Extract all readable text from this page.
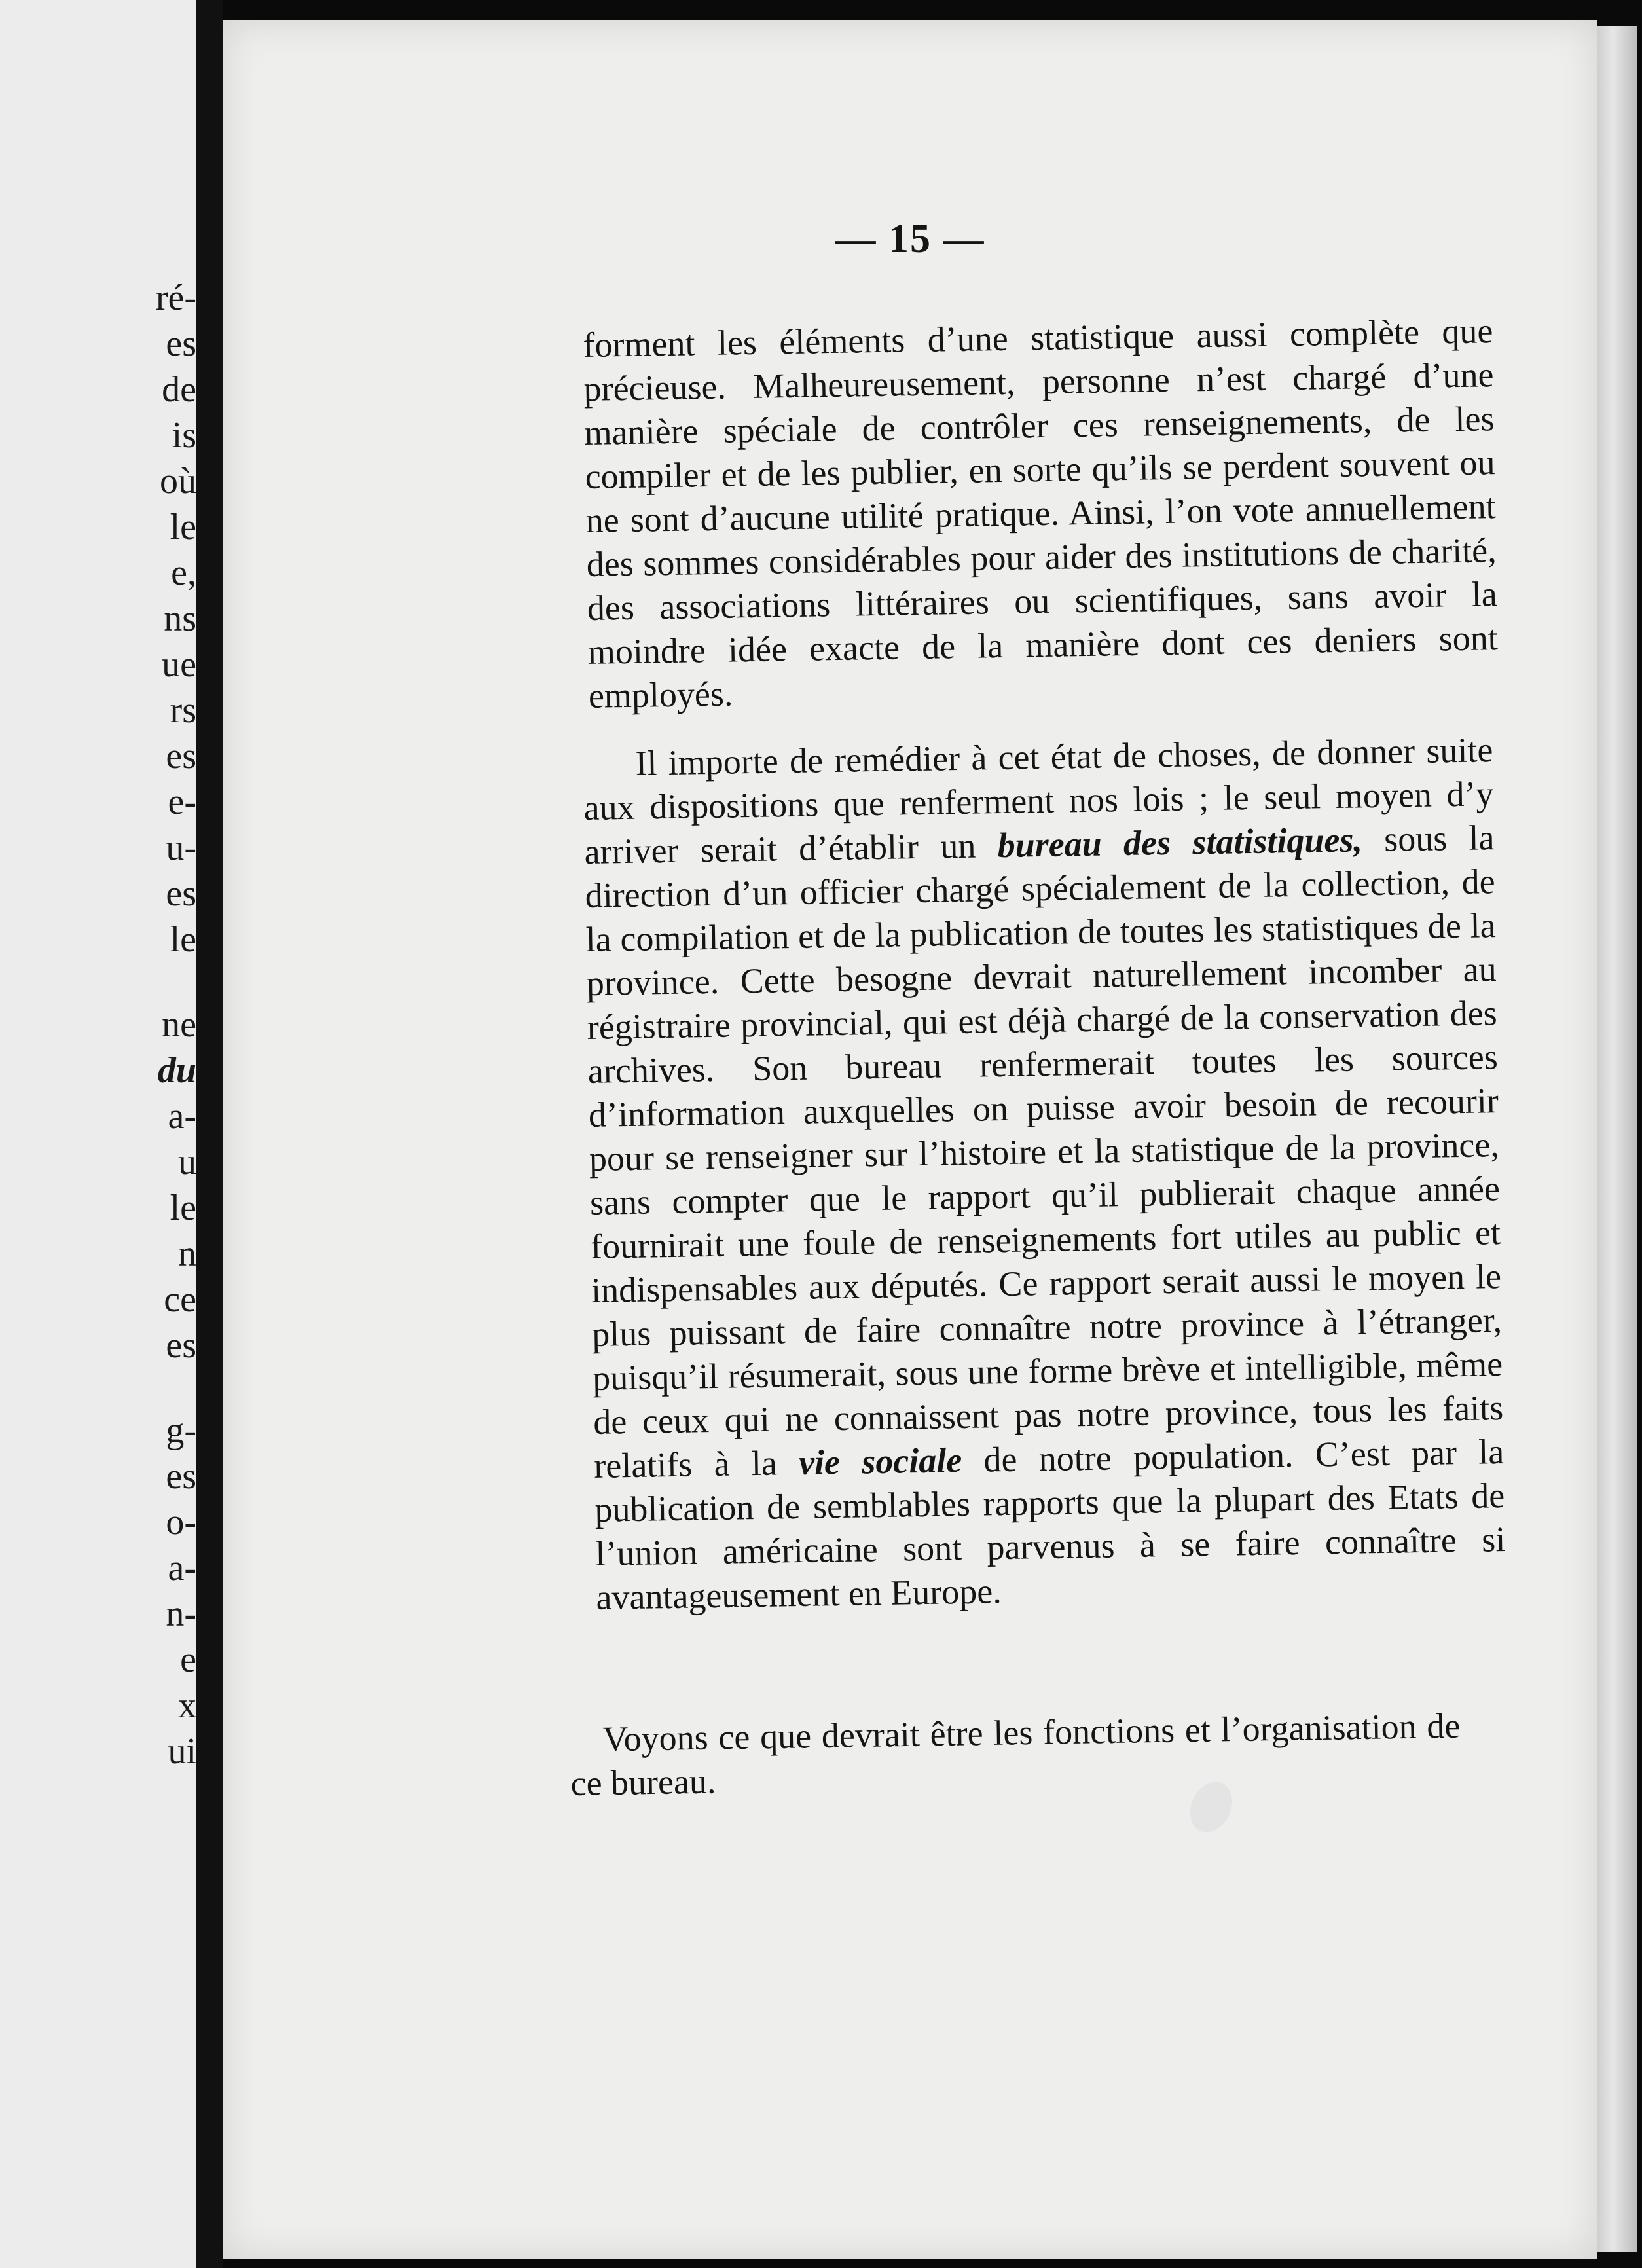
ré-
es
de
is
où
le
e,
ns
ue
rs
es
e-
u-
es
le
ne
du
a-
u
le
n
ce
es
g-
es
o-
a-
n-
e
x
ui
— 15 —

forment les éléments d’une statistique aussi complète que précieuse. Malheureusement, personne n’est chargé d’une manière spéciale de contrôler ces renseignements, de les compiler et de les publier, en sorte qu’ils se perdent souvent ou ne sont d’aucune utilité pratique. Ainsi, l’on vote annuellement des sommes considérables pour aider des institutions de charité, des associations littéraires ou scientifiques, sans avoir la moindre idée exacte de la manière dont ces deniers sont employés.

Il importe de remédier à cet état de choses, de donner suite aux dispositions que renferment nos lois ; le seul moyen d’y arriver serait d’établir un bureau des statistiques, sous la direction d’un officier chargé spécialement de la collection, de la compilation et de la publication de toutes les statistiques de la province. Cette besogne devrait naturellement incomber au régistraire provincial, qui est déjà chargé de la conservation des archives. Son bureau renfermerait toutes les sources d’information auxquelles on puisse avoir besoin de recourir pour se renseigner sur l’histoire et la statistique de la province, sans compter que le rapport qu’il publierait chaque année fournirait une foule de renseignements fort utiles au public et indispensables aux députés. Ce rapport serait aussi le moyen le plus puissant de faire connaître notre province à l’étranger, puisqu’il résumerait, sous une forme brève et intelligible, même de ceux qui ne connaissent pas notre province, tous les faits relatifs à la vie sociale de notre population. C’est par la publication de semblables rapports que la plupart des Etats de l’union américaine sont parvenus à se faire connaître si avantageusement en Europe.

Voyons ce que devrait être les fonctions et l’organisation de ce bureau.
